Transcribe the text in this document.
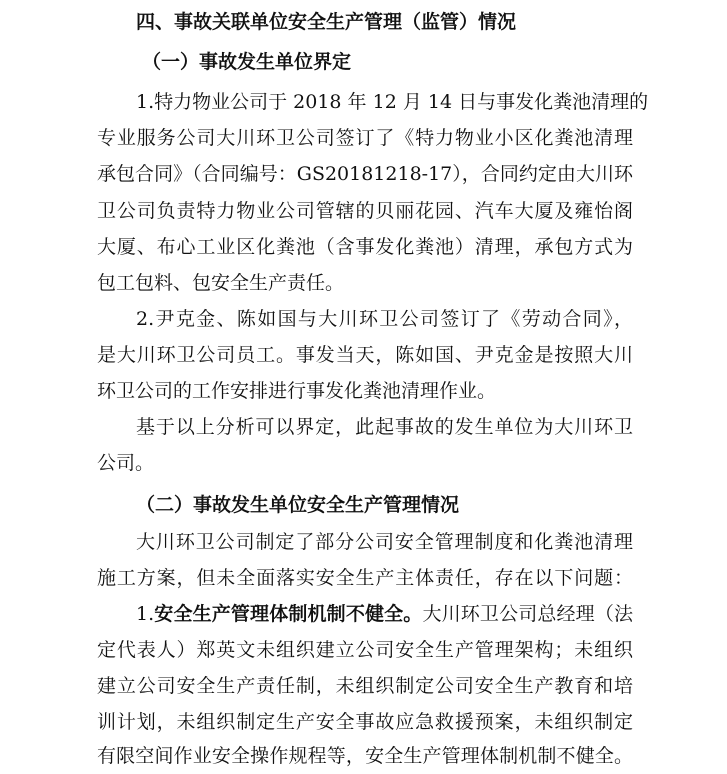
四、事故关联单位安全生产管理（监管）情况
（一）事故发生单位界定
1.特力物业公司于 2018 年 12 月 14 日与事发化粪池清理的
专业服务公司大川环卫公司签订了《特力物业小区化粪池清理
承包合同》（合同编号：GS20181218-17），合同约定由大川环
卫公司负责特力物业公司管辖的贝丽花园、汽车大厦及雍怡阁
大厦、布心工业区化粪池（含事发化粪池）清理，承包方式为
包工包料、包安全生产责任。
2.尹克金、陈如国与大川环卫公司签订了《劳动合同》，
是大川环卫公司员工。事发当天，陈如国、尹克金是按照大川
环卫公司的工作安排进行事发化粪池清理作业。
基于以上分析可以界定，此起事故的发生单位为大川环卫
公司。
（二）事故发生单位安全生产管理情况
大川环卫公司制定了部分公司安全管理制度和化粪池清理
施工方案，但未全面落实安全生产主体责任，存在以下问题：
1.安全生产管理体制机制不健全。大川环卫公司总经理（法
定代表人）郑英文未组织建立公司安全生产管理架构；未组织
建立公司安全生产责任制，未组织制定公司安全生产教育和培
训计划，未组织制定生产安全事故应急救援预案，未组织制定
有限空间作业安全操作规程等，安全生产管理体制机制不健全。
